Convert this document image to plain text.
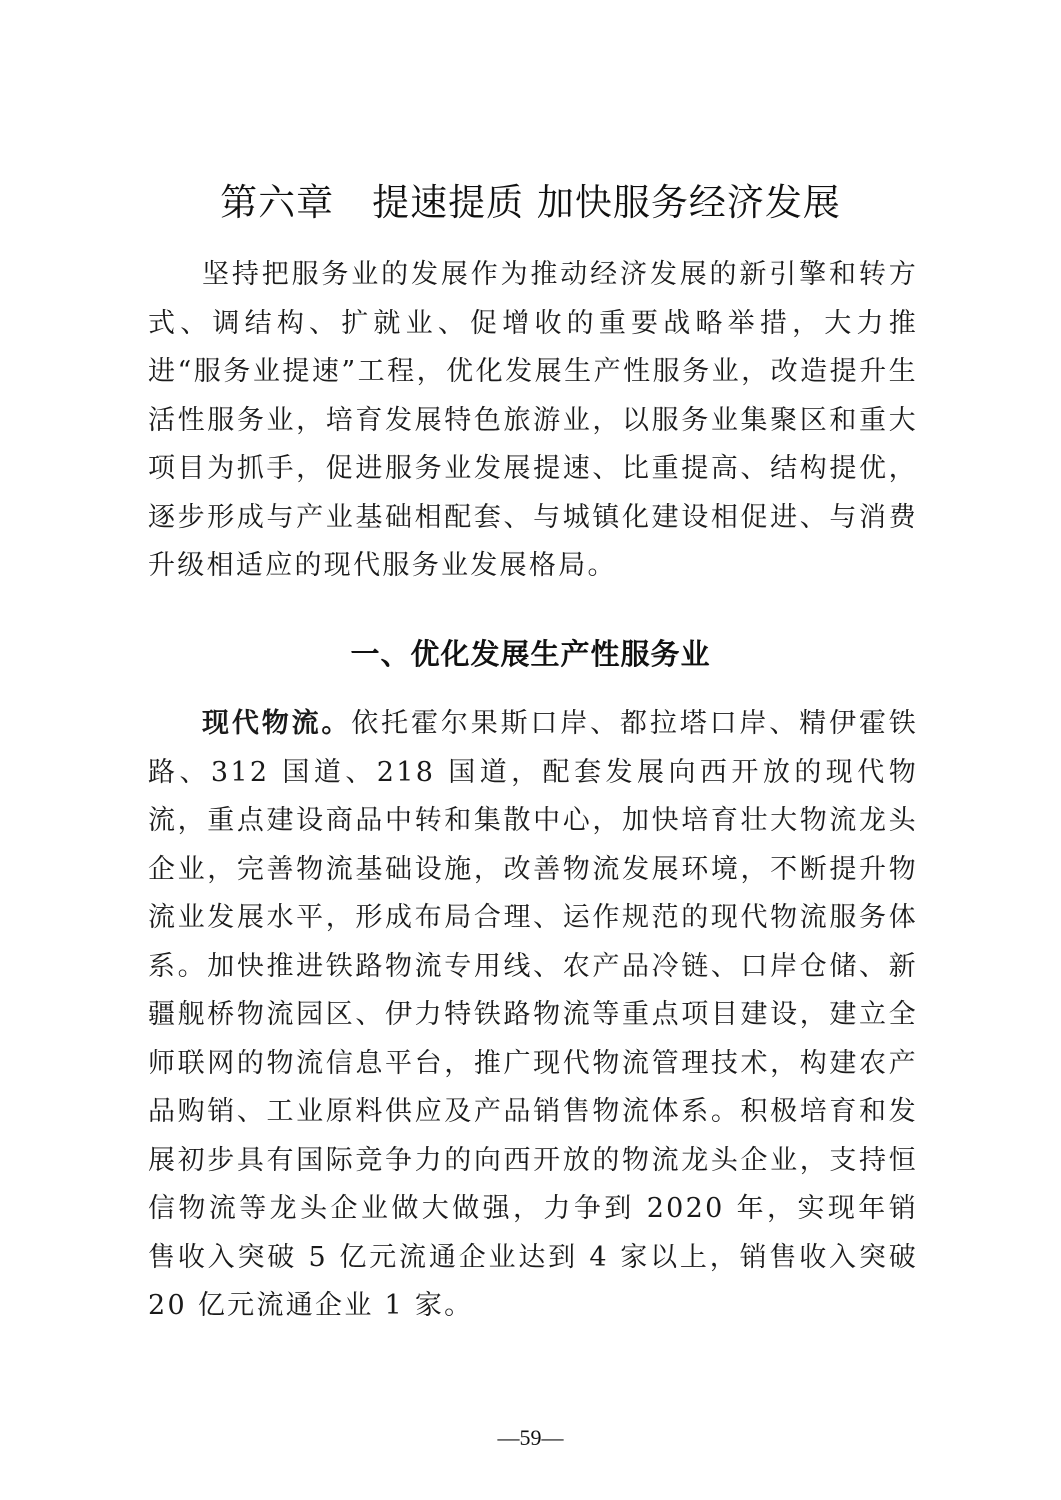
第六章　提速提质 加快服务经济发展

坚持把服务业的发展作为推动经济发展的新引擎和转方式、调结构、扩就业、促增收的重要战略举措，大力推进“服务业提速”工程，优化发展生产性服务业，改造提升生活性服务业，培育发展特色旅游业，以服务业集聚区和重大项目为抓手，促进服务业发展提速、比重提高、结构提优，逐步形成与产业基础相配套、与城镇化建设相促进、与消费升级相适应的现代服务业发展格局。

一、优化发展生产性服务业

现代物流。依托霍尔果斯口岸、都拉塔口岸、精伊霍铁路、312 国道、218 国道，配套发展向西开放的现代物流，重点建设商品中转和集散中心，加快培育壮大物流龙头企业，完善物流基础设施，改善物流发展环境，不断提升物流业发展水平，形成布局合理、运作规范的现代物流服务体系。加快推进铁路物流专用线、农产品冷链、口岸仓储、新疆舰桥物流园区、伊力特铁路物流等重点项目建设，建立全师联网的物流信息平台，推广现代物流管理技术，构建农产品购销、工业原料供应及产品销售物流体系。积极培育和发展初步具有国际竞争力的向西开放的物流龙头企业，支持恒信物流等龙头企业做大做强，力争到 2020 年，实现年销售收入突破 5 亿元流通企业达到 4 家以上，销售收入突破 20 亿元流通企业 1 家。

—59—
